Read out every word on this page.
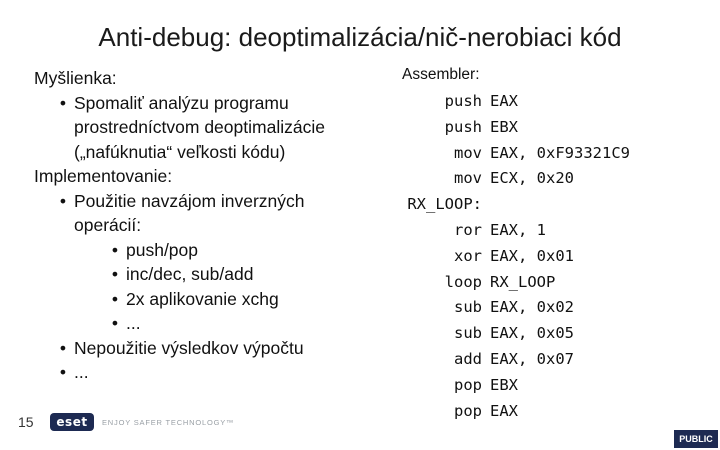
Anti-debug: deoptimalizácia/nič-nerobiaci kód
Myšlienka:
• Spomaliť analýzu programu
prostredníctvom deoptimalizácie
(„nafúknutia“ veľkosti kódu)
Implementovanie:
• Použitie navzájom inverzných
operácií:
• push/pop
• inc/dec, sub/add
• 2x aplikovanie xchg
• ...
• Nepoužitie výsledkov výpočtu
• ...
Assembler:
push EAX
push EBX
mov EAX, 0xF93321C9
mov ECX, 0x20
RX_LOOP:
ror EAX, 1
xor EAX, 0x01
loop RX_LOOP
sub EAX, 0x02
sub EAX, 0x05
add EAX, 0x07
pop EBX
pop EAX
15	eset	ENJOY SAFER TECHNOLOGY™
PUBLIC
